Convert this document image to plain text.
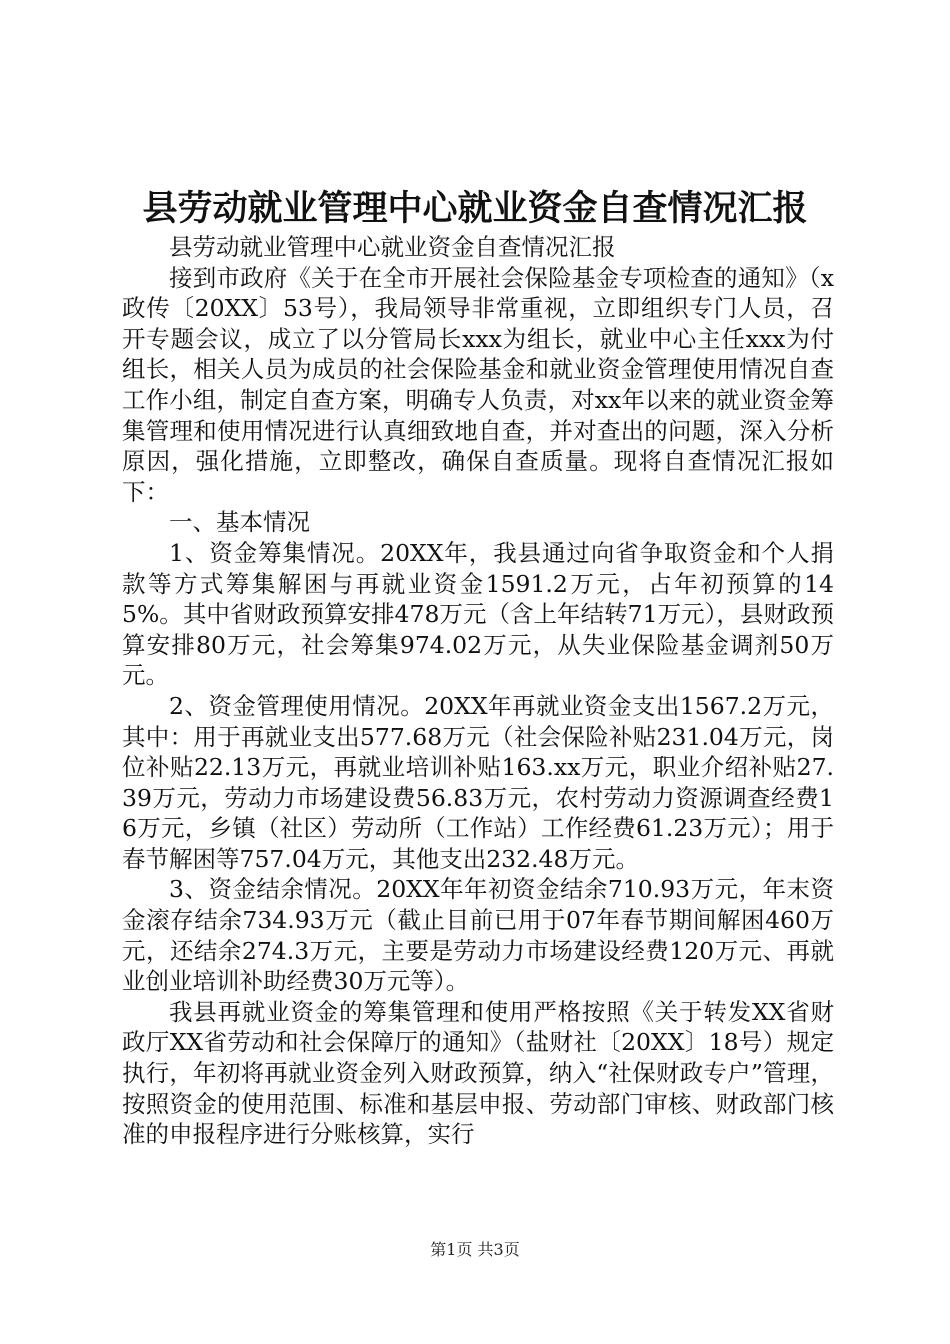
县劳动就业管理中心就业资金自查情况汇报

县劳动就业管理中心就业资金自查情况汇报

接到市政府《关于在全市开展社会保险基金专项检查的通知》（x政传〔20XX〕53号），我局领导非常重视，立即组织专门人员，召开专题会议，成立了以分管局长xxx为组长，就业中心主任xxx为付组长，相关人员为成员的社会保险基金和就业资金管理使用情况自查工作小组，制定自查方案，明确专人负责，对xx年以来的就业资金筹集管理和使用情况进行认真细致地自查，并对查出的问题，深入分析原因，强化措施，立即整改，确保自查质量。现将自查情况汇报如下：

一、基本情况

1、资金筹集情况。20XX年，我县通过向省争取资金和个人捐款等方式筹集解困与再就业资金1591.2万元，占年初预算的145%。其中省财政预算安排478万元（含上年结转71万元），县财政预算安排80万元，社会筹集974.02万元，从失业保险基金调剂50万元。

2、资金管理使用情况。20XX年再就业资金支出1567.2万元，其中：用于再就业支出577.68万元（社会保险补贴231.04万元，岗位补贴22.13万元，再就业培训补贴163.xx万元，职业介绍补贴27.39万元，劳动力市场建设费56.83万元，农村劳动力资源调查经费16万元，乡镇（社区）劳动所（工作站）工作经费61.23万元）；用于春节解困等757.04万元，其他支出232.48万元。

3、资金结余情况。20XX年年初资金结余710.93万元，年末资金滚存结余734.93万元（截止目前已用于07年春节期间解困460万元，还结余274.3万元，主要是劳动力市场建设经费120万元、再就业创业培训补助经费30万元等）。

我县再就业资金的筹集管理和使用严格按照《关于转发XX省财政厅XX省劳动和社会保障厅的通知》（盐财社〔20XX〕18号）规定执行，年初将再就业资金列入财政预算，纳入“社保财政专户”管理，按照资金的使用范围、标准和基层申报、劳动部门审核、财政部门核准的申报程序进行分账核算，实行

第1页 共3页
